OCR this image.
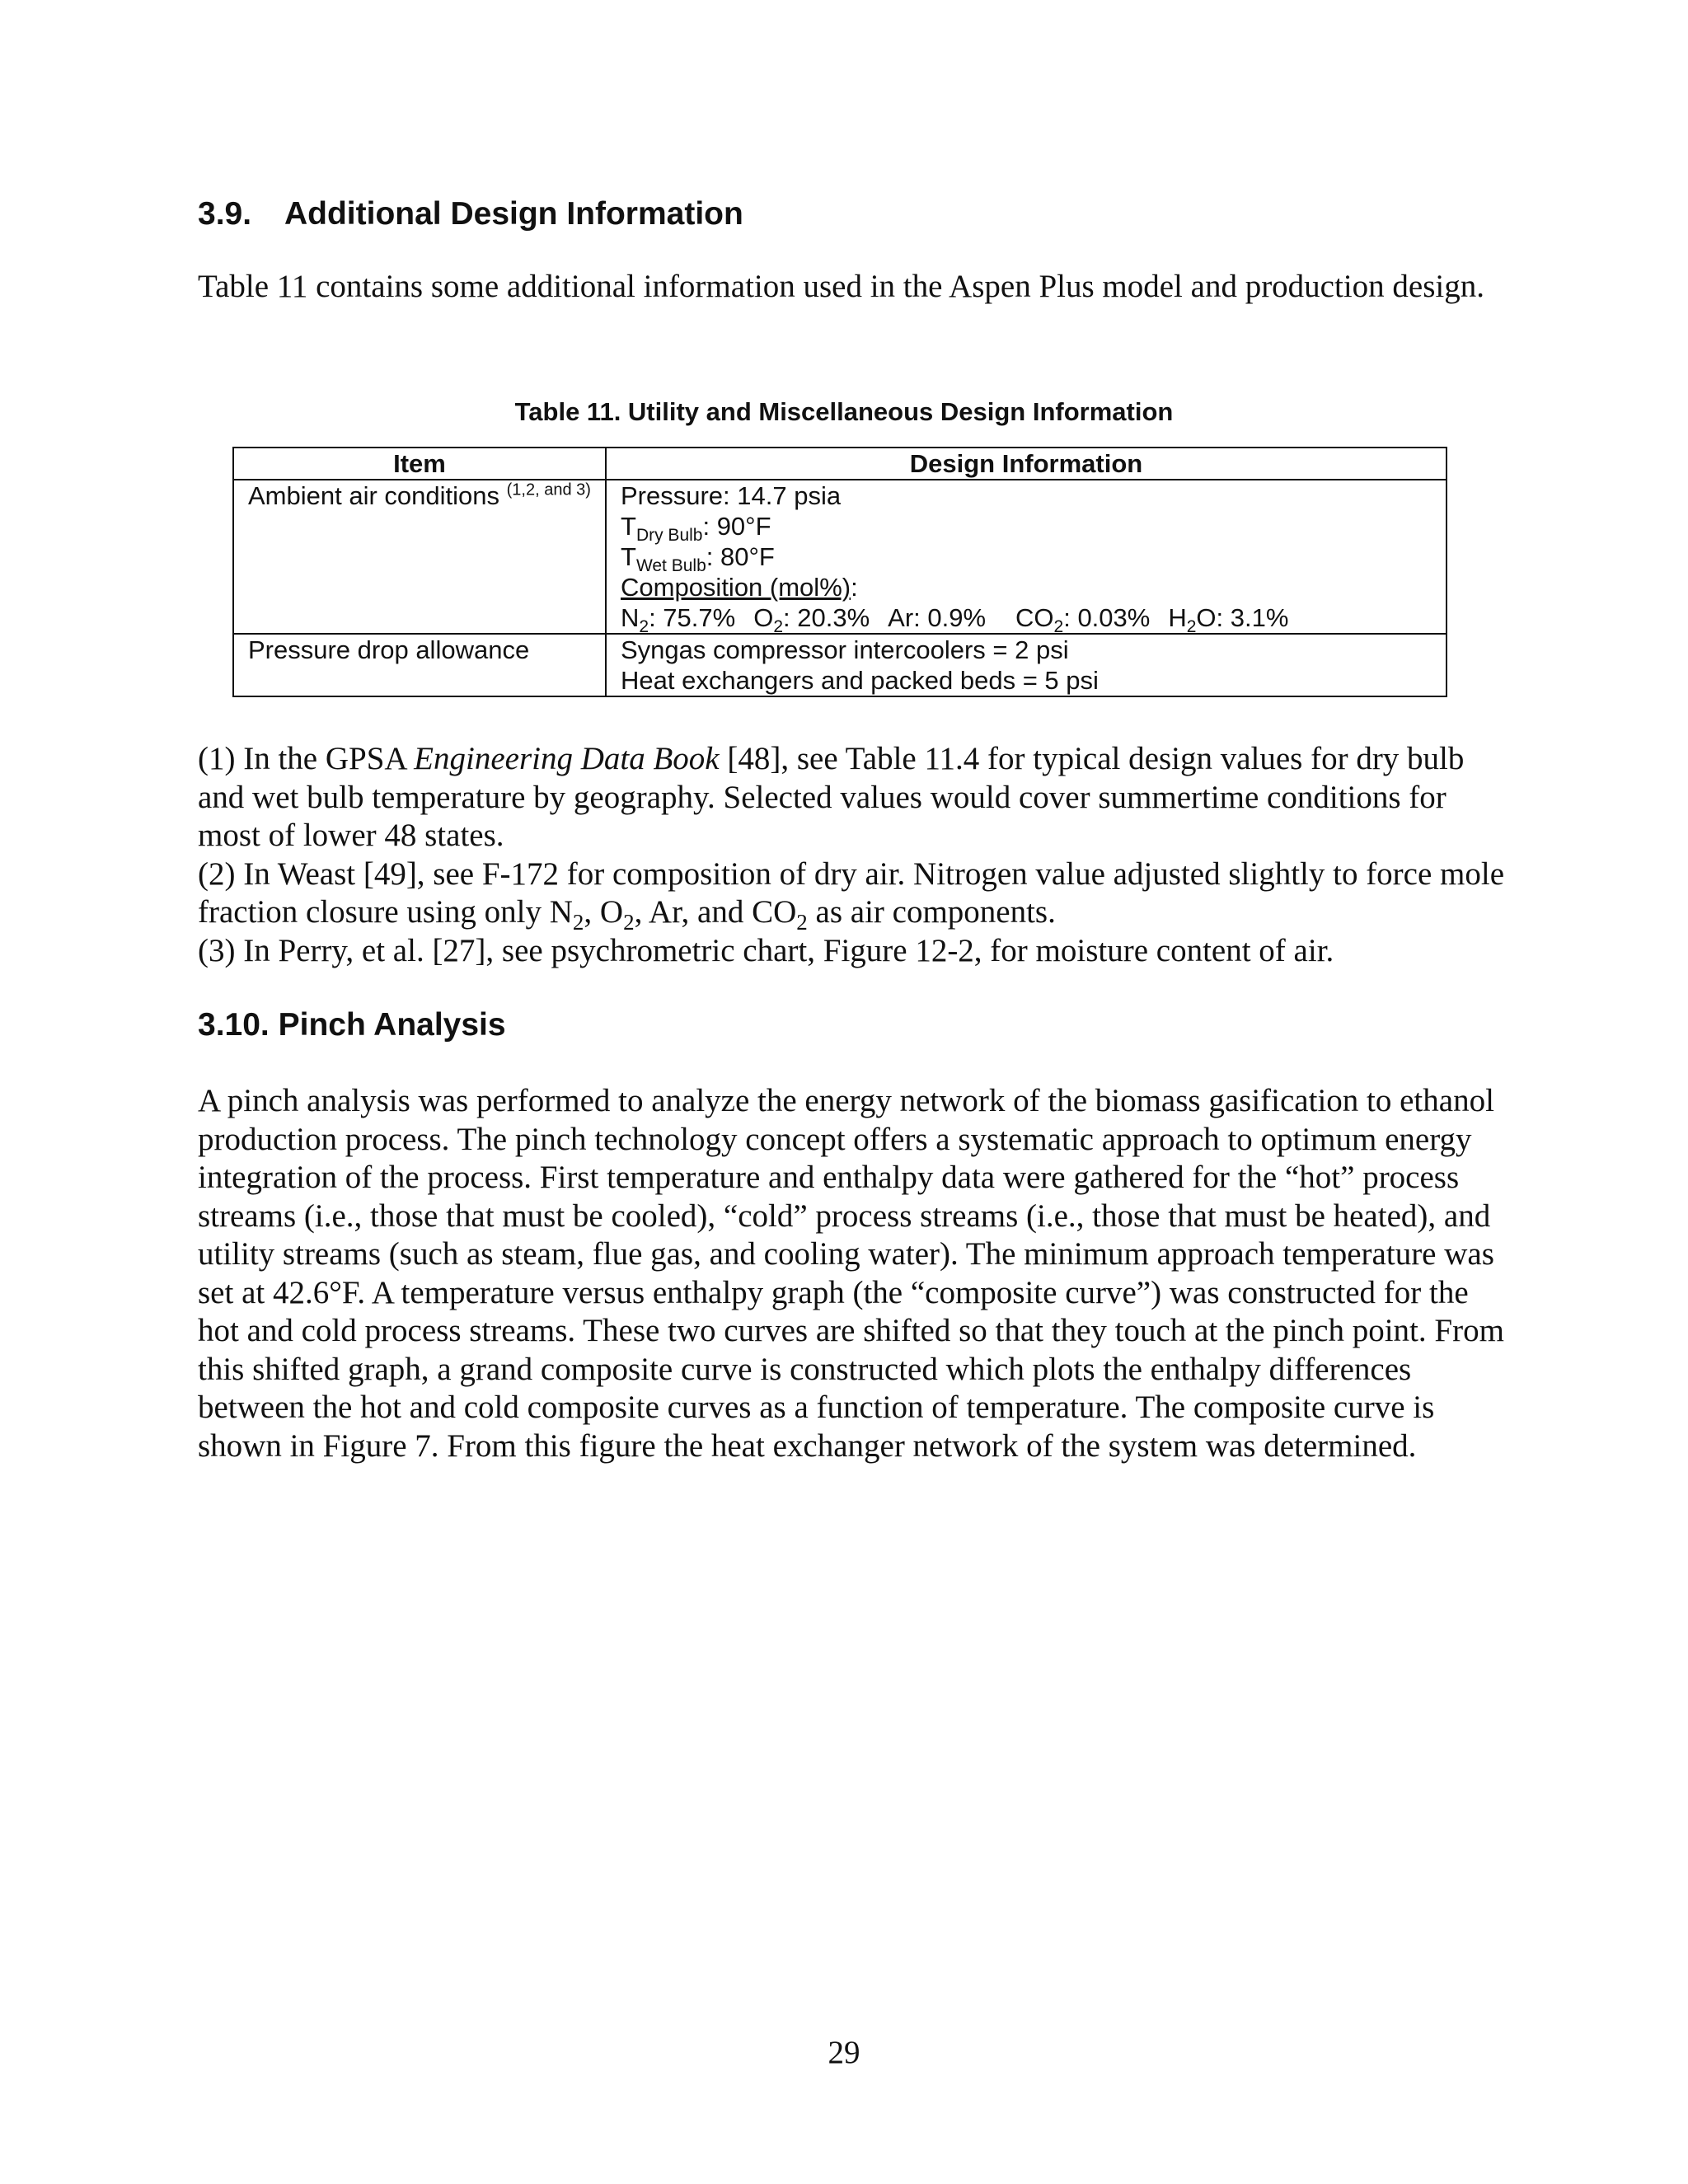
3.9. Additional Design Information

Table 11 contains some additional information used in the Aspen Plus model and production design.

Table 11. Utility and Miscellaneous Design Information

Item	Design Information
Ambient air conditions $^{(1,2, and 3)}$	Pressure: 14.7 psia
$T_{Dry Bulb}$: 90°F
$T_{Wet Bulb}$: 80°F
Composition (mol%):
$N_2$: 75.7% $O_2$: 20.3% Ar: 0.9% $CO_2$: 0.03% $H_2O$: 3.1%

Pressure drop allowance	Syngas compressor intercoolers = 2 psi
Heat exchangers and packed beds = 5 psi

(1) In the GPSA Engineering Data Book [48], see Table 11.4 for typical design values for dry bulb and wet bulb temperature by geography. Selected values would cover summertime conditions for most of lower 48 states.

(2) In Weast [49], see F-172 for composition of dry air. Nitrogen value adjusted slightly to force mole fraction closure using only $N_2$, $O_2$, Ar, and $CO_2$ as air components.

(3) In Perry, et al. [27], see psychrometric chart, Figure 12-2, for moisture content of air.

3.10. Pinch Analysis

A pinch analysis was performed to analyze the energy network of the biomass gasification to ethanol production process. The pinch technology concept offers a systematic approach to optimum energy integration of the process. First temperature and enthalpy data were gathered for the “hot” process streams (i.e., those that must be cooled), “cold” process streams (i.e., those that must be heated), and utility streams (such as steam, flue gas, and cooling water). The minimum approach temperature was set at 42.6°F. A temperature versus enthalpy graph (the “composite curve”) was constructed for the hot and cold process streams. These two curves are shifted so that they touch at the pinch point. From this shifted graph, a grand composite curve is constructed which plots the enthalpy differences between the hot and cold composite curves as a function of temperature. The composite curve is shown in Figure 7. From this figure the heat exchanger network of the system was determined.

29
